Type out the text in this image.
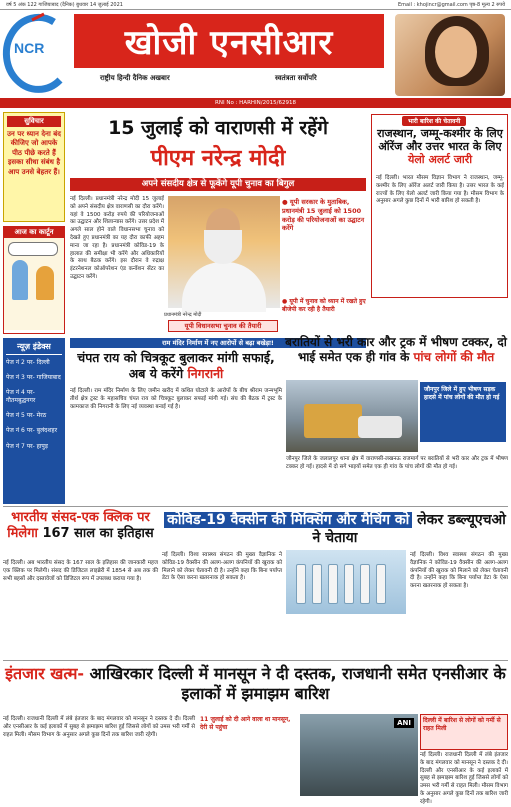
वर्ष 5 अंक 122 गाजियाबाद (दैनिक) बुधवार 14 जुलाई 2021	Email : khojincr@gmail.com पृष्ठ-8 मूल्य 2 रुपये
NCR	खोजी एनसीआर
राष्ट्रीय हिन्दी दैनिक अखबार	स्वतंत्रता सर्वोपरि
RNI No : HARHIN/2015/62918
सुविचार
उन पर ध्यान देना बंद कीजिए जो आपके पीठ पीछे करते हैं इसका सीधा संबंध है आप उनसे बेहतर हैं।
आज का कार्टून
न्यूज़ इंडेक्स
पेज नं 2 पर- दिल्ली
पेज नं 3 पर- गाजियाबाद
पेज नं 4 पर- गौतमबुद्धनगर
पेज नं 5 पर- मेरठ
पेज नं 6 पर- बुलंदशहर
पेज नं 7 पर- हापुड़
15 जुलाई को वाराणसी में रहेंगे
पीएम नरेन्द्र मोदी
अपने संसदीय क्षेत्र से फूकेंगे यूपी चुनाव का बिगुल
नई दिल्ली। प्रधानमंत्री नरेन्द्र मोदी 15 जुलाई को अपने संसदीय क्षेत्र वाराणसी का दौरा करेंगे। यहां वे 1500 करोड़ रुपये की परियोजनाओं का उद्घाटन और शिलान्यास करेंगे। उत्तर प्रदेश में अगले साल होने वाले विधानसभा चुनाव को देखते हुए प्रधानमंत्री का यह दौरा काफी अहम माना जा रहा है। प्रधानमंत्री कोविड-19 के हालात की समीक्षा भी करेंगे और अधिकारियों के साथ बैठक करेंगे। इस दौरान वे रुद्राक्ष इंटरनेशनल कोऑपरेशन एंड कन्वेंशन सेंटर का उद्घाटन करेंगे।
● यूपी सरकार के मुताबिक, प्रधानमंत्री 15 जुलाई को 1500 करोड़ की परियोजनाओं का उद्घाटन करेंगे
प्रधानमंत्री नरेन्द्र मोदी
यूपी विधानसभा चुनाव की तैयारी
● यूपी में चुनाव को ध्यान में रखते हुए बीजेपी कर रही है तैयारी
भारी बारिश की चेतावनी
राजस्थान, जम्मू-कश्मीर के लिए ऑरेंज और उत्तर भारत के लिए येलो अलर्ट जारी
नई दिल्ली। भारत मौसम विज्ञान विभाग ने राजस्थान, जम्मू-कश्मीर के लिए ऑरेंज अलर्ट जारी किया है। उत्तर भारत के कई राज्यों के लिए येलो अलर्ट जारी किया गया है। मौसम विभाग के अनुसार अगले कुछ दिनों में भारी बारिश हो सकती है।
राम मंदिर निर्माण में नए आरोपों से बढ़ा बखेड़ा!
चंपत राय को चित्रकूट बुलाकर मांगी सफाई, अब ये करेंगे निगरानी
नई दिल्ली। राम मंदिर निर्माण के लिए जमीन खरीद में कथित घोटाले के आरोपों के बीच श्रीराम जन्मभूमि तीर्थ क्षेत्र ट्रस्ट के महासचिव चंपत राय को चित्रकूट बुलाकर सफाई मांगी गई। संघ की बैठक में ट्रस्ट के कामकाज की निगरानी के लिए नई व्यवस्था बनाई गई है।
बरातियों से भरी कार और ट्रक में भीषण टक्कर, दो भाई समेत एक ही गांव के पांच लोगों की मौत
जौनपुर जिले में हुए भीषण सड़क हादसे में पांच लोगों की मौत हो गई
जौनपुर जिले के जलालपुर थाना क्षेत्र में वाराणसी-लखनऊ राजमार्ग पर बरातियों से भरी कार और ट्रक में भीषण टक्कर हो गई। हादसे में दो सगे भाइयों समेत एक ही गांव के पांच लोगों की मौत हो गई।
भारतीय संसद-एक क्लिक पर मिलेगा 167 साल का इतिहास
नई दिल्ली। अब भारतीय संसद के 167 साल के इतिहास की जानकारी महज एक क्लिक पर मिलेगी। संसद की डिजिटल लाइब्रेरी में 1854 से अब तक की सभी बहसों और दस्तावेजों को डिजिटल रूप में उपलब्ध कराया गया है।
कोविड-19 वैक्सीन की मिक्सिंग और मैचिंग को लेकर डब्ल्यूएचओ ने चेताया
नई दिल्ली। विश्व स्वास्थ्य संगठन की मुख्य वैज्ञानिक ने कोविड-19 वैक्सीन की अलग-अलग कंपनियों की खुराक को मिलाने को लेकर चेतावनी दी है। उन्होंने कहा कि बिना पर्याप्त डेटा के ऐसा करना खतरनाक हो सकता है।
नई दिल्ली। विश्व स्वास्थ्य संगठन की मुख्य वैज्ञानिक ने कोविड-19 वैक्सीन की अलग-अलग कंपनियों की खुराक को मिलाने को लेकर चेतावनी दी है। उन्होंने कहा कि बिना पर्याप्त डेटा के ऐसा करना खतरनाक हो सकता है।
इंतजार खत्म- आखिरकार दिल्ली में मानसून ने दी दस्तक, राजधानी समेत एनसीआर के इलाकों में झमाझम बारिश
नई दिल्ली। राजधानी दिल्ली में लंबे इंतजार के बाद मंगलवार को मानसून ने दस्तक दे दी। दिल्ली और एनसीआर के कई इलाकों में सुबह से झमाझम बारिश हुई जिससे लोगों को उमस भरी गर्मी से राहत मिली। मौसम विभाग के अनुसार अगले कुछ दिनों तक बारिश जारी रहेगी।
11 जुलाई को दी आने वाला था मानसून, देरी से पहुंचा
ANI	दिल्ली में बारिश से लोगों को गर्मी से राहत मिली
नई दिल्ली। राजधानी दिल्ली में लंबे इंतजार के बाद मंगलवार को मानसून ने दस्तक दे दी। दिल्ली और एनसीआर के कई इलाकों में सुबह से झमाझम बारिश हुई जिससे लोगों को उमस भरी गर्मी से राहत मिली। मौसम विभाग के अनुसार अगले कुछ दिनों तक बारिश जारी रहेगी।
